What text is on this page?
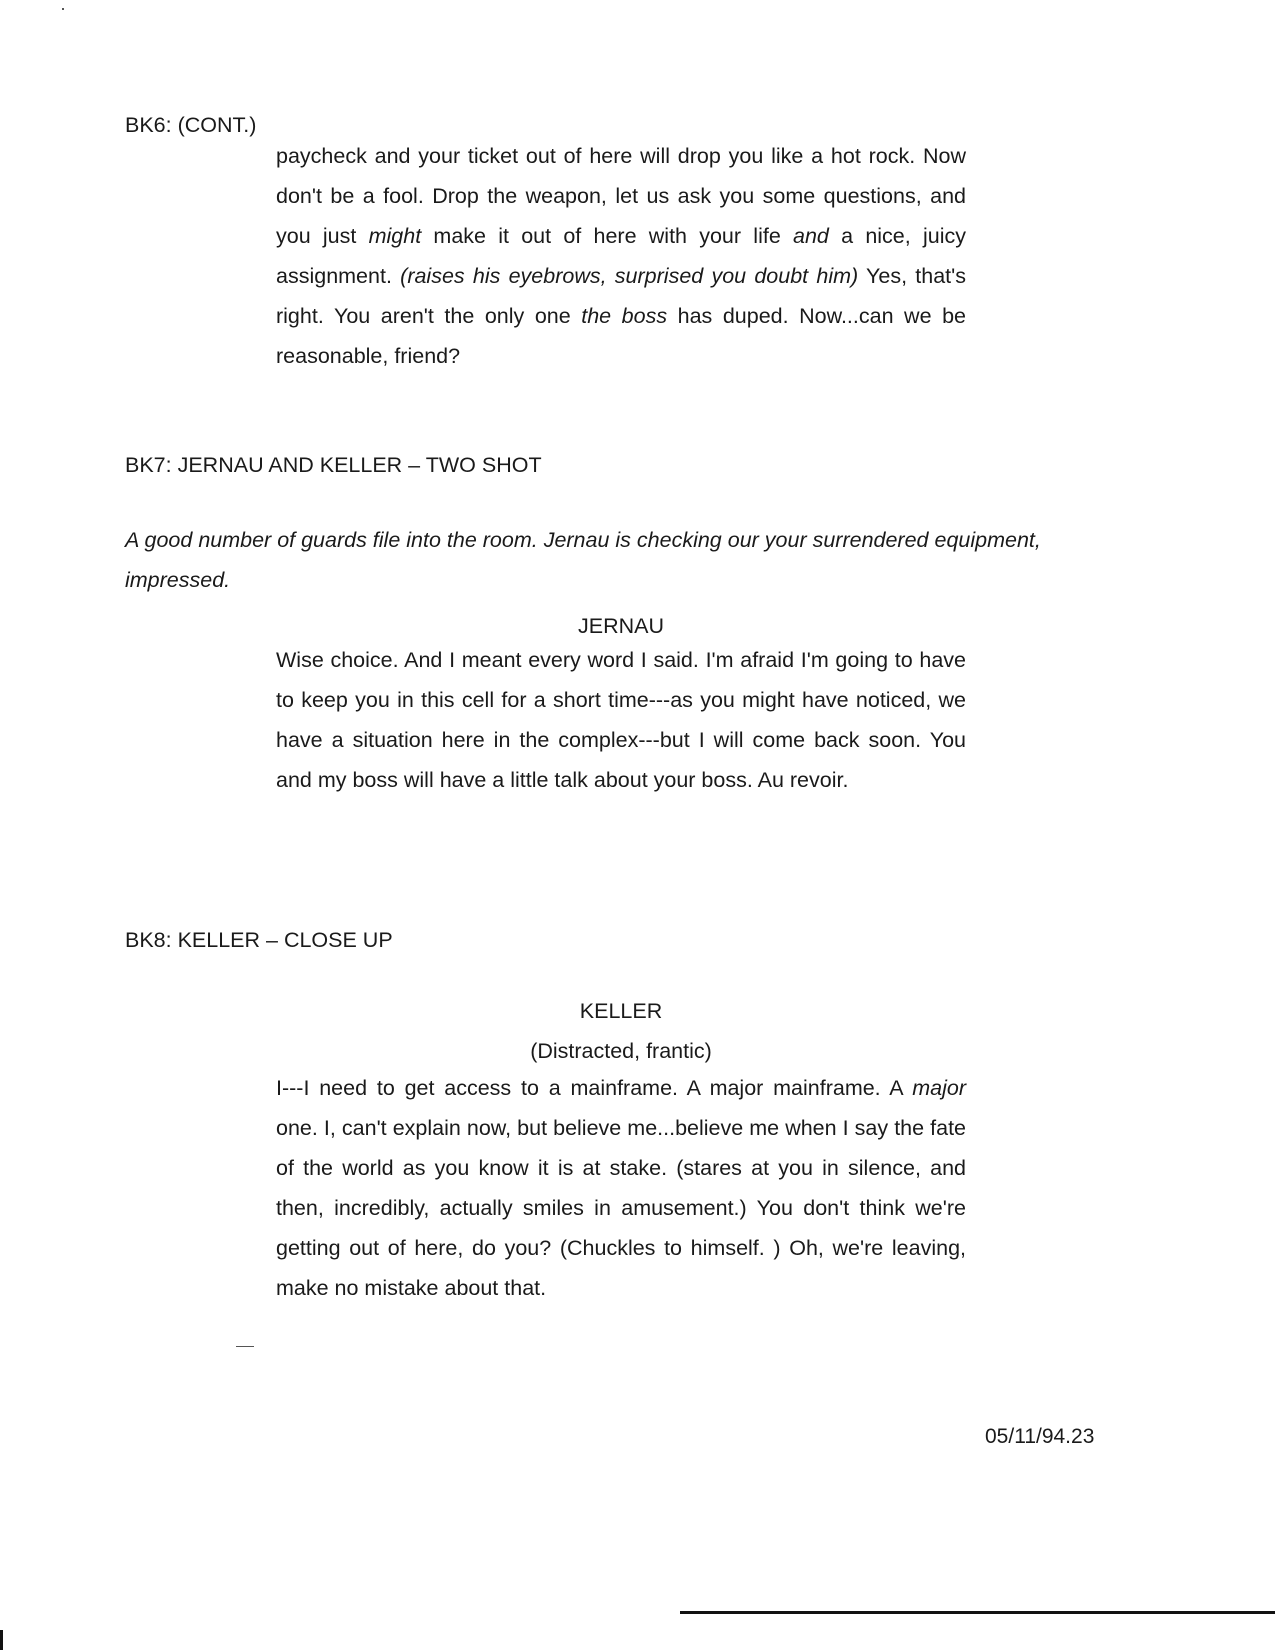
BK6: (CONT.)

paycheck and your ticket out of here will drop you like a hot rock. Now don't be a fool. Drop the weapon, let us ask you some questions, and you just might make it out of here with your life and a nice, juicy assignment. (raises his eyebrows, surprised you doubt him) Yes, that's right. You aren't the only one the boss has duped. Now...can we be reasonable, friend?

BK7: JERNAU AND KELLER – TWO SHOT

A good number of guards file into the room. Jernau is checking our your surrendered equipment, impressed.

JERNAU

Wise choice. And I meant every word I said. I'm afraid I'm going to have to keep you in this cell for a short time---as you might have noticed, we have a situation here in the complex---but I will come back soon. You and my boss will have a little talk about your boss. Au revoir.

BK8: KELLER – CLOSE UP
KELLER
(Distracted, frantic)

I---I need to get access to a mainframe. A major mainframe. A major one. I, can't explain now, but believe me...believe me when I say the fate of the world as you know it is at stake. (stares at you in silence, and then, incredibly, actually smiles in amusement.) You don't think we're getting out of here, do you? (Chuckles to himself. ) Oh, we're leaving, make no mistake about that.

05/11/94.23
